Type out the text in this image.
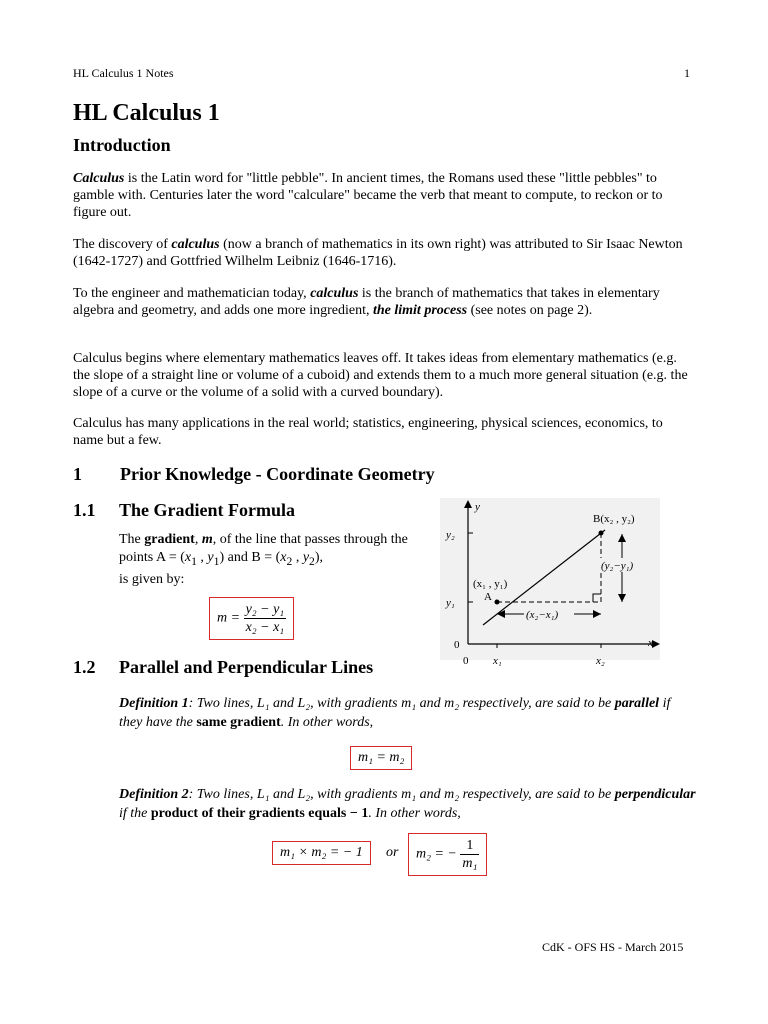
HL Calculus 1 Notes	1
HL Calculus 1
Introduction

Calculus is the Latin word for "little pebble". In ancient times, the Romans used these "little pebbles" to gamble with. Centuries later the word "calculare" became the verb that meant to compute, to reckon or to figure out.

The discovery of calculus (now a branch of mathematics in its own right) was attributed to Sir Isaac Newton (1642-1727) and Gottfried Wilhelm Leibniz (1646-1716).

To the engineer and mathematician today, calculus is the branch of mathematics that takes in elementary algebra and geometry, and adds one more ingredient, the limit process (see notes on page 2).

Calculus begins where elementary mathematics leaves off. It takes ideas from elementary mathematics (e.g. the slope of a straight line or volume of a cuboid) and extends them to a much more general situation (e.g. the slope of a curve or the volume of a solid with a curved boundary).

Calculus has many applications in the real world; statistics, engineering, physical sciences, economics, to name but a few.

1 Prior Knowledge - Coordinate Geometry
1.1 The Gradient Formula
The gradient, m, of the line that passes through the points $A = (x_1$ , $y_1$) and $B = (x_2$ , $y_2$),
is given by:
$m = \frac{\text{y₂ − y₁}}{\text{x₂ − x₁}}$
y
x
0
0
y₂
y₁
x₁	x₂
(x₁ , y₁)
A
B(x₂ , y₂)
(y₂−y₁)
(x₂−x₁)
1.2 Parallel and Perpendicular Lines

Definition 1: Two lines, L₁ and L₂, with gradients m₁ and m₂ respectively, are said to be parallel if they have the same gradient. In other words,

m₁ = m₂

Definition 2: Two lines, L₁ and L₂, with gradients m₁ and m₂ respectively, are said to be perpendicular if the product of their gradients equals − 1. In other words,

m₁ × m₂ = − 1	or	m₂ = − $\frac{1}{\text{m₁}}$
CdK - OFS HS - March 2015
